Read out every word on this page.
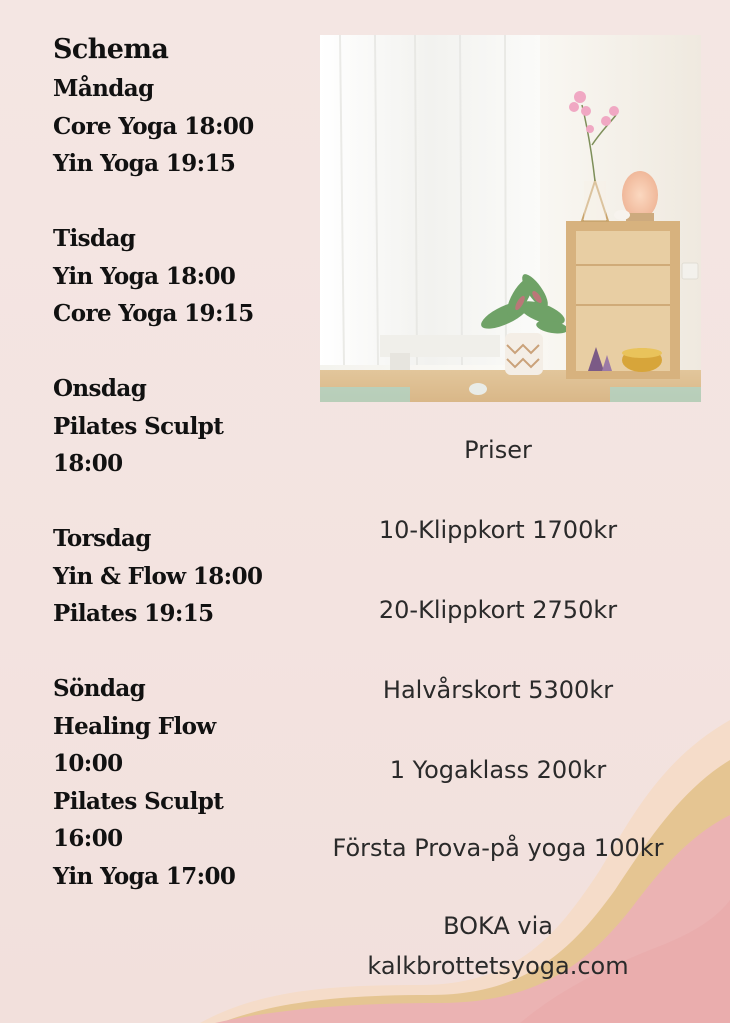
Schema
Måndag
Core Yoga 18:00
Yin Yoga 19:15
Tisdag
Yin Yoga 18:00
Core Yoga 19:15
Onsdag
Pilates Sculpt
18:00
Torsdag
Yin & Flow 18:00
Pilates 19:15
Söndag
Healing Flow
10:00
Pilates Sculpt
16:00
Yin Yoga 17:00
Priser
10-Klippkort 1700kr
20-Klippkort 2750kr
Halvårskort 5300kr
1 Yogaklass 200kr
Första Prova-på yoga 100kr
BOKA via
kalkbrottetsyoga.com
